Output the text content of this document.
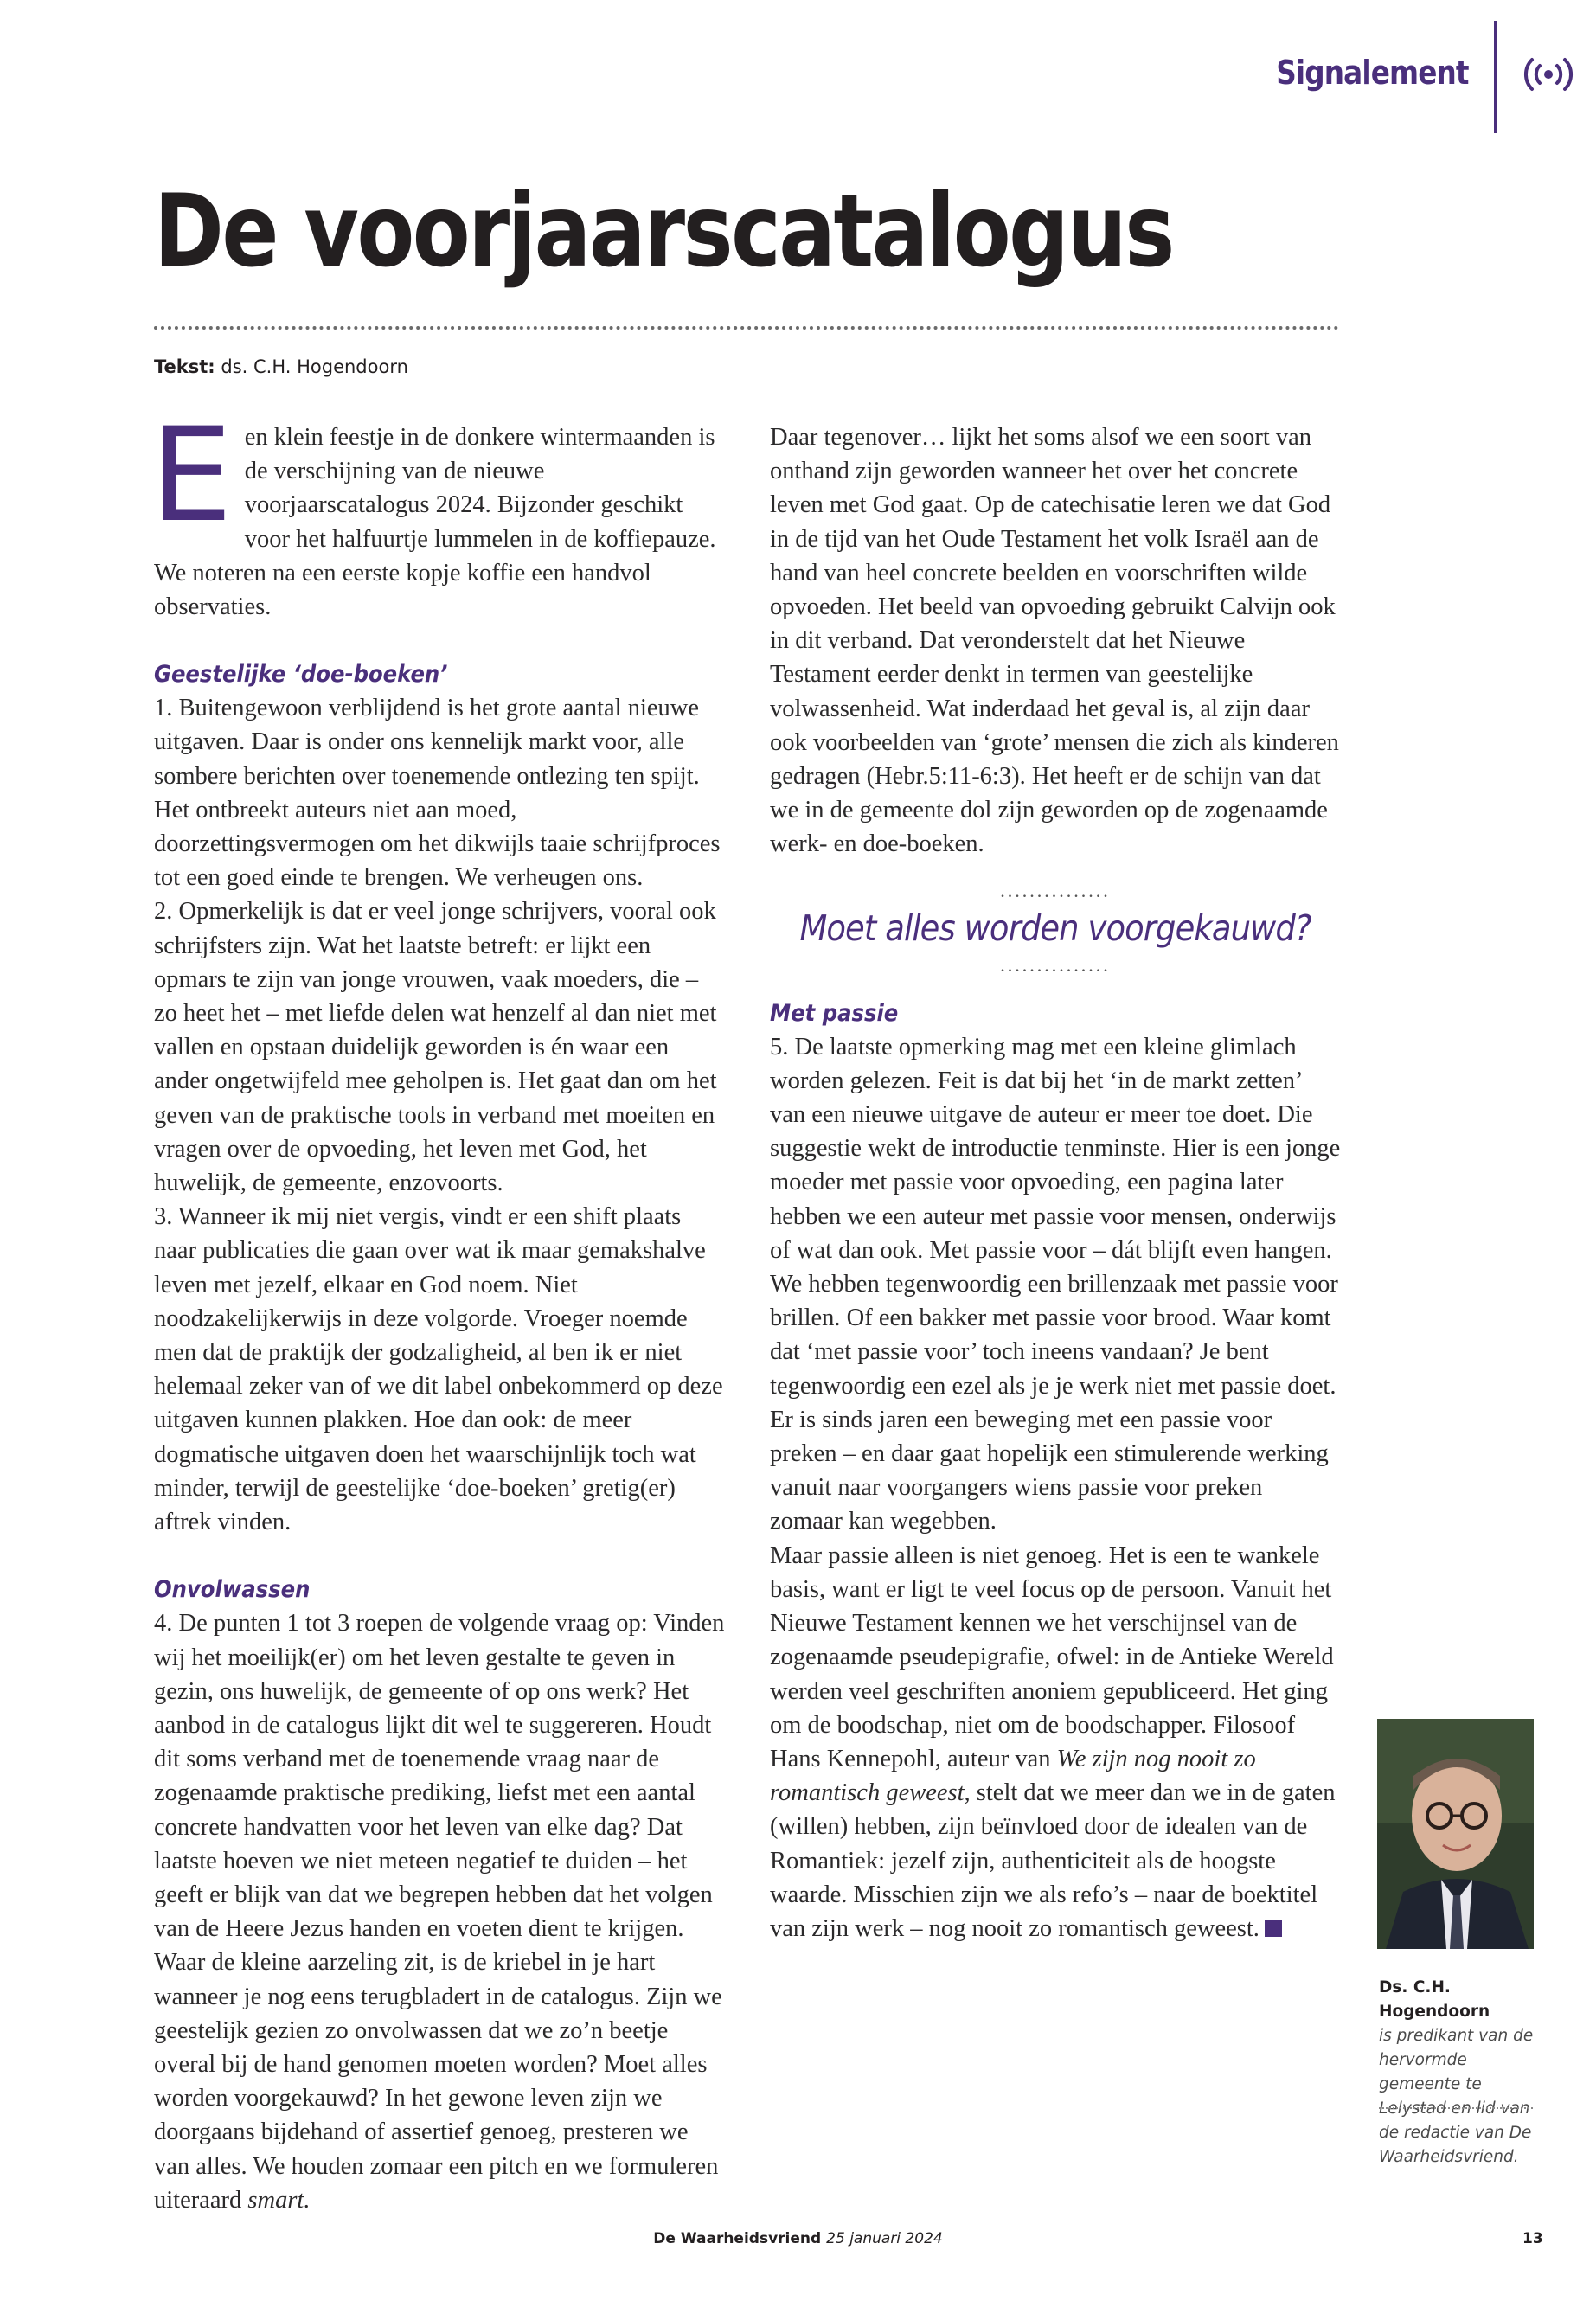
Signalement
De voorjaarscatalogus
Tekst: ds. C.H. Hogendoorn

Een klein feestje in de donkere wintermaanden is de verschijning van de nieuwe voorjaarscatalogus 2024. Bijzonder geschikt voor het halfuurtje lummelen in de koffiepauze. We noteren na een eerste kopje koffie een handvol observaties.

Geestelijke ‘doe-boeken’

1. Buitengewoon verblijdend is het grote aantal nieuwe uitgaven. Daar is onder ons kennelijk markt voor, alle sombere berichten over toenemende ontlezing ten spijt. Het ontbreekt auteurs niet aan moed, doorzettingsvermogen om het dikwijls taaie schrijfproces tot een goed einde te brengen. We verheugen ons.

2. Opmerkelijk is dat er veel jonge schrijvers, vooral ook schrijfsters zijn. Wat het laatste betreft: er lijkt een opmars te zijn van jonge vrouwen, vaak moeders, die – zo heet het – met liefde delen wat henzelf al dan niet met vallen en opstaan duidelijk geworden is én waar een ander ongetwijfeld mee geholpen is. Het gaat dan om het geven van de praktische tools in verband met moeiten en vragen over de opvoeding, het leven met God, het huwelijk, de gemeente, enzovoorts.

3. Wanneer ik mij niet vergis, vindt er een shift plaats naar publicaties die gaan over wat ik maar gemakshalve leven met jezelf, elkaar en God noem. Niet noodzakelijkerwijs in deze volgorde. Vroeger noemde men dat de praktijk der godzaligheid, al ben ik er niet helemaal zeker van of we dit label onbekommerd op deze uitgaven kunnen plakken. Hoe dan ook: de meer dogmatische uitgaven doen het waarschijnlijk toch wat minder, terwijl de geestelijke ‘doe-boeken’ gretig(er) aftrek vinden.

Onvolwassen

4. De punten 1 tot 3 roepen de volgende vraag op: Vinden wij het moeilijk(er) om het leven gestalte te geven in gezin, ons huwelijk, de gemeente of op ons werk? Het aanbod in de catalogus lijkt dit wel te suggereren. Houdt dit soms verband met de toenemende vraag naar de zogenaamde praktische prediking, liefst met een aantal concrete handvatten voor het leven van elke dag? Dat laatste hoeven we niet meteen negatief te duiden – het geeft er blijk van dat we begrepen hebben dat het volgen van de Heere Jezus handen en voeten dient te krijgen.

Waar de kleine aarzeling zit, is de kriebel in je hart wanneer je nog eens terugbladert in de catalogus. Zijn we geestelijk gezien zo onvolwassen dat we zo’n beetje overal bij de hand genomen moeten worden? Moet alles worden voorgekauwd? In het gewone leven zijn we doorgaans bijdehand of assertief genoeg, presteren we van alles. We houden zomaar een pitch en we formuleren uiteraard smart.

Daar tegenover… lijkt het soms alsof we een soort van onthand zijn geworden wanneer het over het concrete leven met God gaat. Op de catechisatie leren we dat God in de tijd van het Oude Testament het volk Israël aan de hand van heel concrete beelden en voorschriften wilde opvoeden. Het beeld van opvoeding gebruikt Calvijn ook in dit verband. Dat veronderstelt dat het Nieuwe Testament eerder denkt in termen van geestelijke volwassenheid. Wat inderdaad het geval is, al zijn daar ook voorbeelden van ‘grote’ mensen die zich als kinderen gedragen (Hebr.5:11-6:3). Het heeft er de schijn van dat we in de gemeente dol zijn geworden op de zogenaamde werk- en doe-boeken.

...............
Moet alles worden voorgekauwd?
...............
Met passie

5. De laatste opmerking mag met een kleine glimlach worden gelezen. Feit is dat bij het ‘in de markt zetten’ van een nieuwe uitgave de auteur er meer toe doet. Die suggestie wekt de introductie tenminste. Hier is een jonge moeder met passie voor opvoeding, een pagina later hebben we een auteur met passie voor mensen, onderwijs of wat dan ook. Met passie voor – dát blijft even hangen.

We hebben tegenwoordig een brillenzaak met passie voor brillen. Of een bakker met passie voor brood. Waar komt dat ‘met passie voor’ toch ineens vandaan? Je bent tegenwoordig een ezel als je je werk niet met passie doet. Er is sinds jaren een beweging met een passie voor preken – en daar gaat hopelijk een stimulerende werking vanuit naar voorgangers wiens passie voor preken zomaar kan wegebben.

Maar passie alleen is niet genoeg. Het is een te wankele basis, want er ligt te veel focus op de persoon. Vanuit het Nieuwe Testament kennen we het verschijnsel van de zogenaamde pseudepigrafie, ofwel: in de Antieke Wereld werden veel geschriften anoniem gepubliceerd. Het ging om de boodschap, niet om de boodschapper. Filosoof Hans Kennepohl, auteur van We zijn nog nooit zo romantisch geweest, stelt dat we meer dan we in de gaten (willen) hebben, zijn beïnvloed door de idealen van de Romantiek: jezelf zijn, authenticiteit als de hoogste waarde. Misschien zijn we als refo’s – naar de boektitel van zijn werk – nog nooit zo romantisch geweest.

Ds. C.H. Hogendoorn
is predikant van de hervormde gemeente te Lelystad en lid van de redactie van De Waarheidsvriend.
De Waarheidsvriend 25 januari 2024	13
